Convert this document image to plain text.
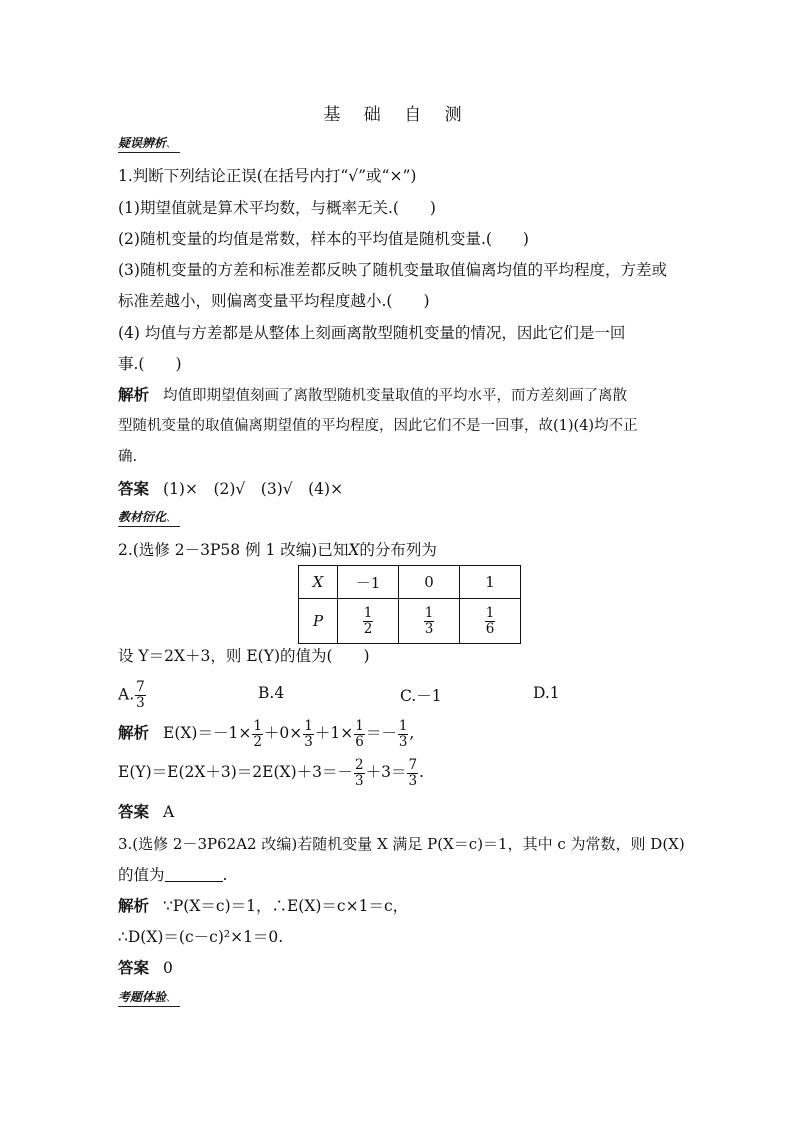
基 础 自 测
疑误辨析 、
1.判断下列结论正误(在括号内打“√”或“×”)
(1)期望值就是算术平均数，与概率无关.(　　)
(2)随机变量的均值是常数，样本的平均值是随机变量.(　　)
(3)随机变量的方差和标准差都反映了随机变量取值偏离均值的平均程度，方差或
标准差越小，则偏离变量平均程度越小.(　　)
(4) 均值与方差都是从整体上刻画离散型随机变量的情况，因此它们是一回
事.(　　)
解析 均值即期望值刻画了离散型随机变量取值的平均水平，而方差刻画了离散
型随机变量的取值偏离期望值的平均程度，因此它们不是一回事，故(1)(4)均不正
确.
答案 (1)×　(2)√　(3)√　(4)×
教材衍化 、
2.(选修 2－3P58 例 1 改编)已知X的分布列为
X	－1	0	1
P	$\frac{1}{2}$	$\frac{1}{3}$	$\frac{1}{6}$
设 Y＝2X＋3，则 E(Y)的值为(　　)
A. $\frac{7}{3}$	B.4	C.－1	D.1
解析 $E(X)=-1\times \frac{1}{2} +0\times \frac{1}{3} +1\times \frac{1}{6} =- \frac{1}{3}$ ,
$E(Y)=E(2X+3)=2E(X)+3=- \frac{2}{3} +3= \frac{7}{3}$ .
答案 A
3.(选修 2－3P62A2 改编)若随机变量 X 满足 P(X＝c)＝1，其中 c 为常数，则 D(X)
的值为	.
解析 ∵P(X＝c)＝1，∴E(X)＝c×1＝c，
∴D(X)＝(c－c)²×1＝0.
答案 0
考题体验 、
